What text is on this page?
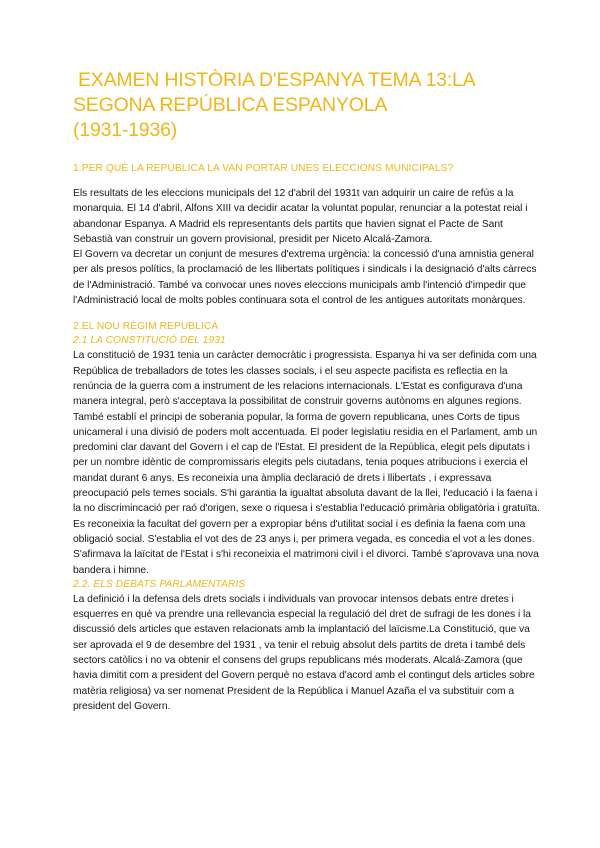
EXAMEN HISTÒRIA D'ESPANYA TEMA 13:LA
SEGONA REPÚBLICA ESPANYOLA
(1931-1936)
1.PER QUÈ LA REPÚBLICA LA VAN PORTAR UNES ELECCIONS MUNICIPALS?

Els resultats de les eleccions municipals del 12 d'abril del 1931t van adquirir un caire de refús a la monarquia. El 14 d'abril, Alfons XIII va decidir acatar la voluntat popular, renunciar a la potestat reial i abandonar Espanya. A Madrid els representants dels partits que havien signat el Pacte de Sant Sebastià van construir un govern provisional, presidit per Niceto Alcalá-Zamora.

El Govern va decretar un conjunt de mesures d'extrema urgència: la concessió d'una amnistia general per als presos polítics, la proclamació de les llibertats polítiques i sindicals i la designació d'alts càrrecs de l'Administració. També va convocar unes noves eleccions municipals amb l'intenció d'impedir que l'Administració local de molts pobles continuara sota el control de les antigues autoritats monàrques.

2.EL NOU RÈGIM REPUBLICÀ
2.1 LA CONSTITUCIÓ DEL 1931

La constitució de 1931 tenia un caràcter democràtic i progressista. Espanya hi va ser definida com una República de treballadors de totes les classes socials, i el seu aspecte pacifista es reflectia en la renúncia de la guerra com a instrument de les relacions internacionals. L'Estat es configurava d'una manera integral, però s'acceptava la possibilitat de construir governs autònoms en algunes regions. També establí el principi de soberania popular, la forma de govern republicana, unes Corts de tipus unicameral i una divisió de poders molt accentuada. El poder legislatiu residia en el Parlament, amb un predomini clar davant del Govern i el cap de l'Estat. El president de la República, elegit pels diputats i per un nombre idèntic de compromissaris elegits pels ciutadans, tenia poques atribucions i exercia el mandat durant 6 anys. Es reconeixia una àmplia declaració de drets i llibertats , i expressava preocupació pels temes socials. S'hi garantia la igualtat absoluta davant de la llei, l'educació i la faena i la no discrimincació per raó d'origen, sexe o riquesa i s'establia l'educació primària obligatòria i gratuïta. Es reconeixia la facultat del govern per a expropiar béns d'utilitat social i es definia la faena com una obligació social. S'establia el vot des de 23 anys i, per primera vegada, es concedia el vot a les dones. S'afirmava la laïcitat de l'Estat i s'hi reconeixia el matrimoni civil i el divorci. També s'aprovava una nova bandera i himne.

2.2. ELS DEBATS PARLAMENTARIS

La definició i la defensa dels drets socials i individuals van provocar intensos debats entre dretes i esquerres en què va prendre una rellevancia especial la regulació del dret de sufragi de les dones i la discussió dels articles que estaven relacionats amb la implantació del laïcisme.La Constitució, que va ser aprovada el 9 de desembre del 1931 , va tenir el rebuig absolut dels partits de dreta i també dels sectors catòlics i no va obtenir el consens del grups republicans més moderats. Alcalá-Zamora (que havia dimitit com a president del Govern perquè no estava d'acord amb el contingut dels articles sobre matèria religiosa) va ser nomenat President de la República i Manuel Azaña el va substituir com a president del Govern.
